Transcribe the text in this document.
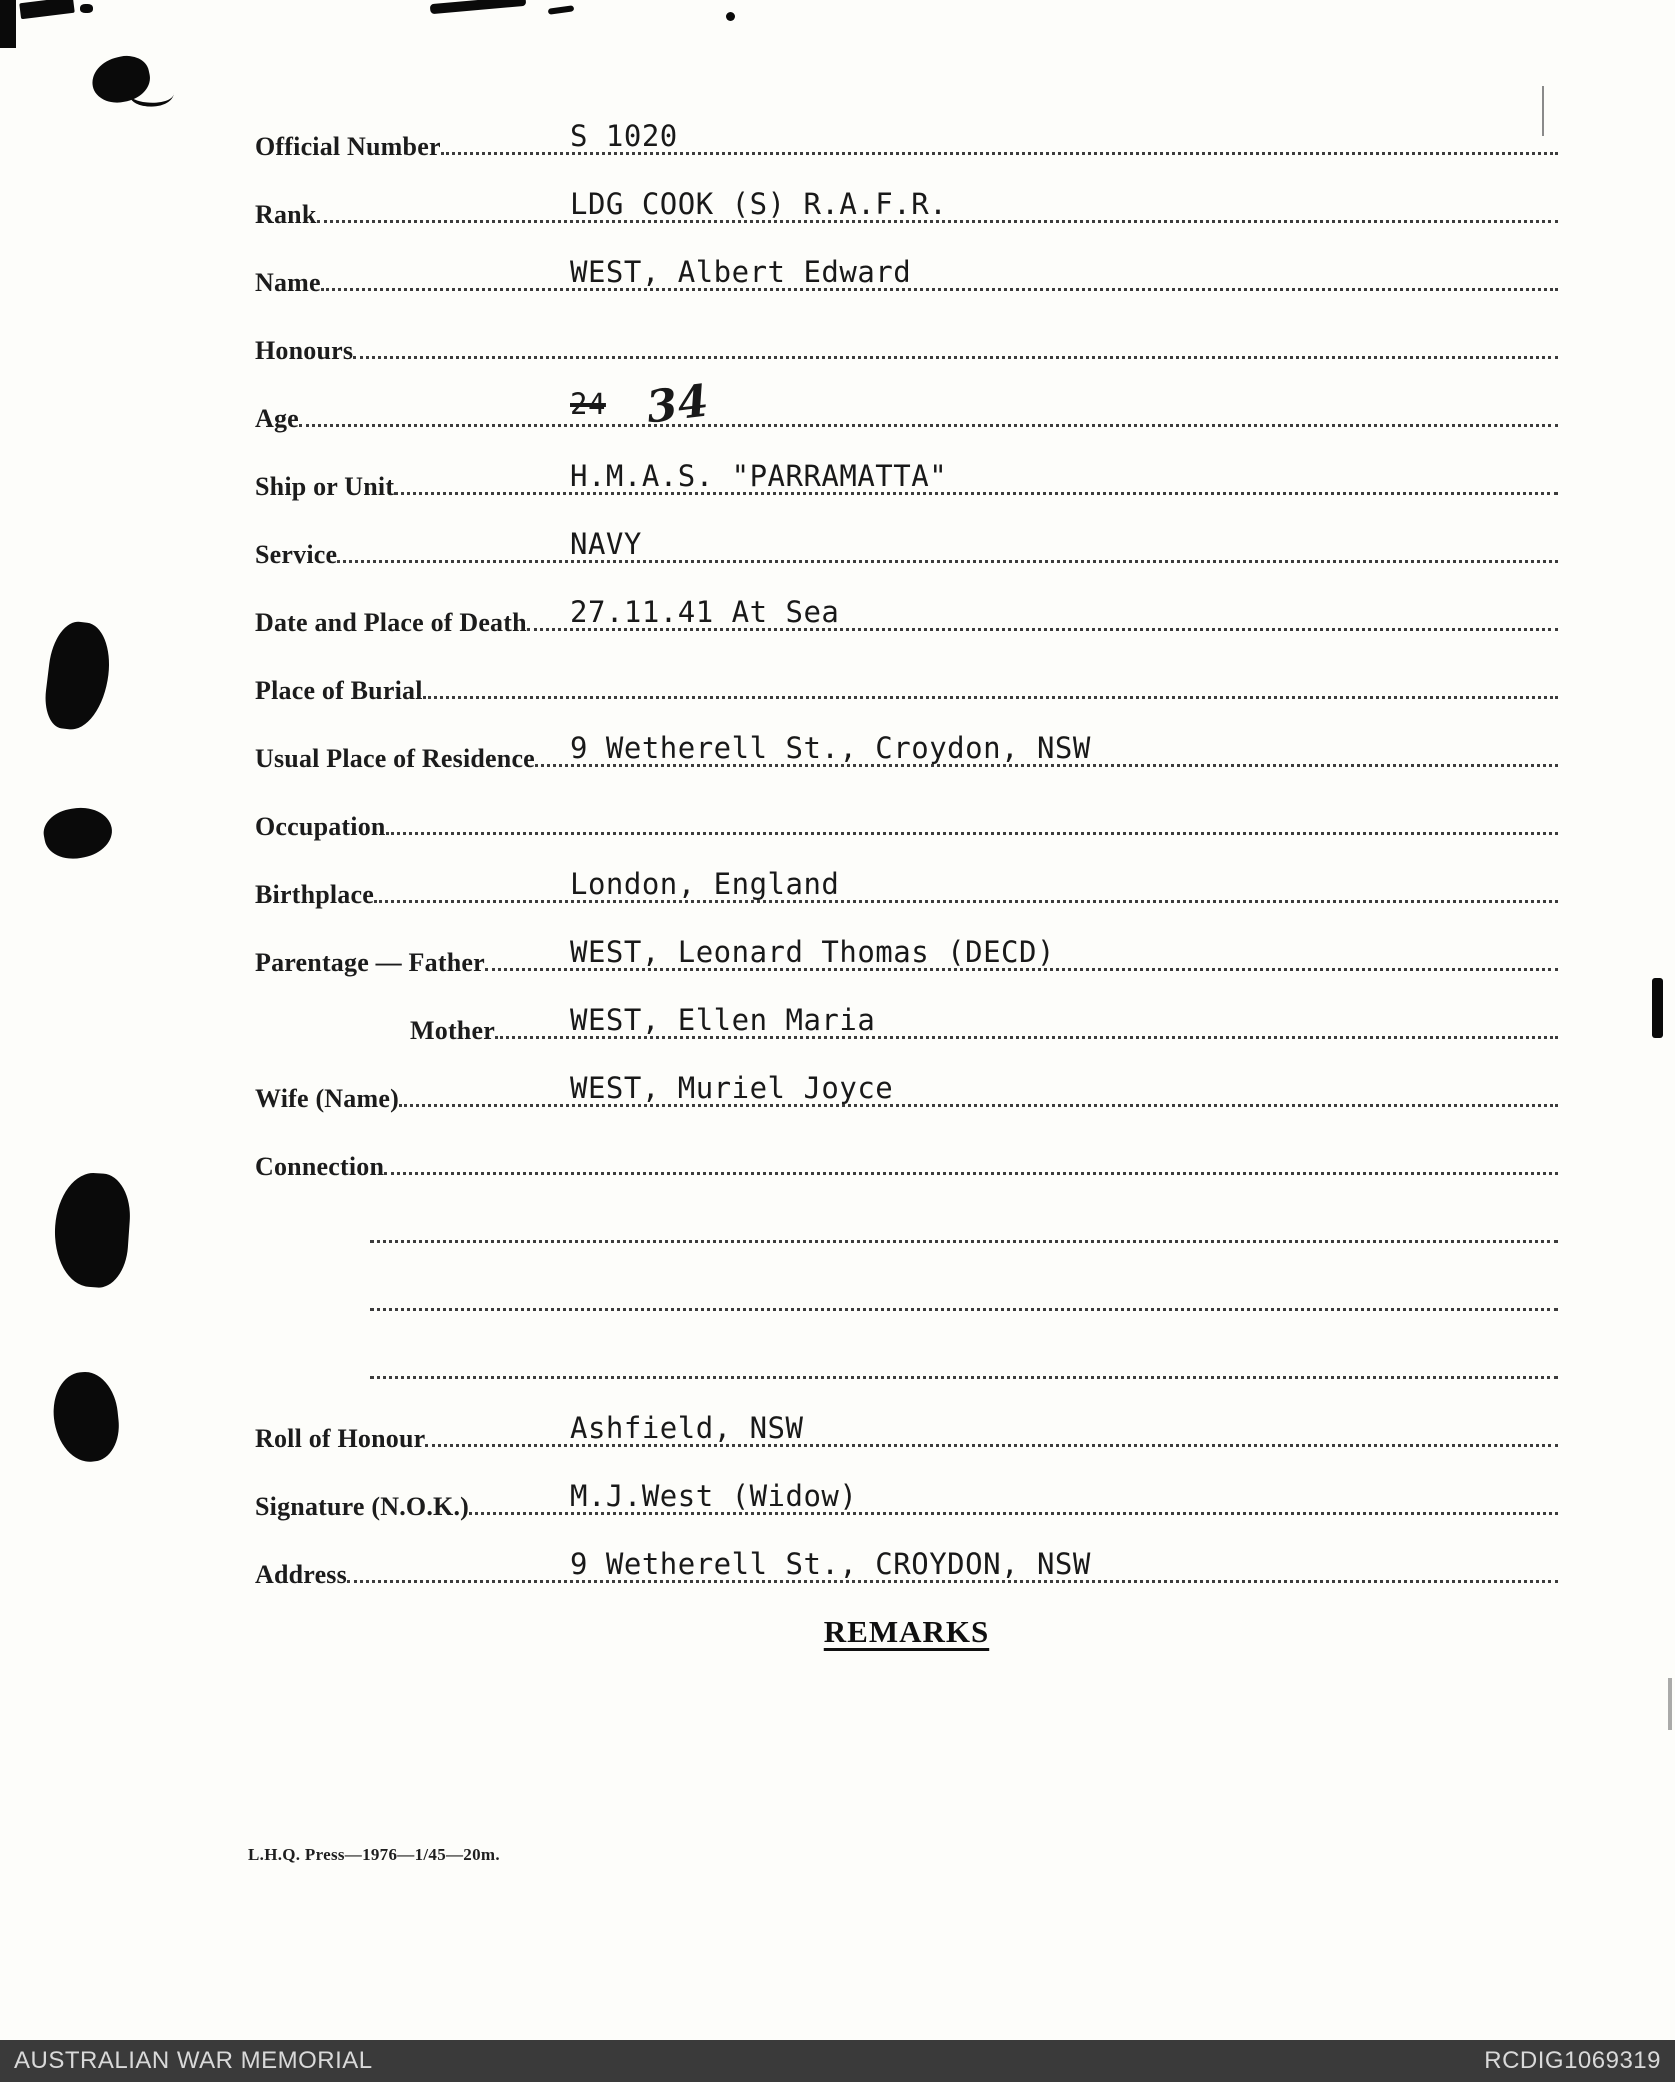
Official Number	S 1020
Rank	LDG COOK (S) R.A.F.R.
Name	WEST, Albert Edward
Honours
Age	24 34
Ship or Unit	H.M.A.S. "PARRAMATTA"
Service	NAVY
Date and Place of Death 27.11.41 At Sea
Place of Burial
Usual Place of Residence 9 Wetherell St., Croydon, NSW
Occupation
Birthplace	London, England
Parentage — Father	WEST, Leonard Thomas (DECD)
Mother	WEST, Ellen Maria
Wife (Name)	WEST, Muriel Joyce
Connection
Roll of Honour	Ashfield, NSW
Signature (N.O.K.)	M.J.West (Widow)
Address	9 Wetherell St., CROYDON, NSW
REMARKS
L.H.Q. Press—1976—1/45—20m.
AUSTRALIAN WAR MEMORIAL	RCDIG1069319
